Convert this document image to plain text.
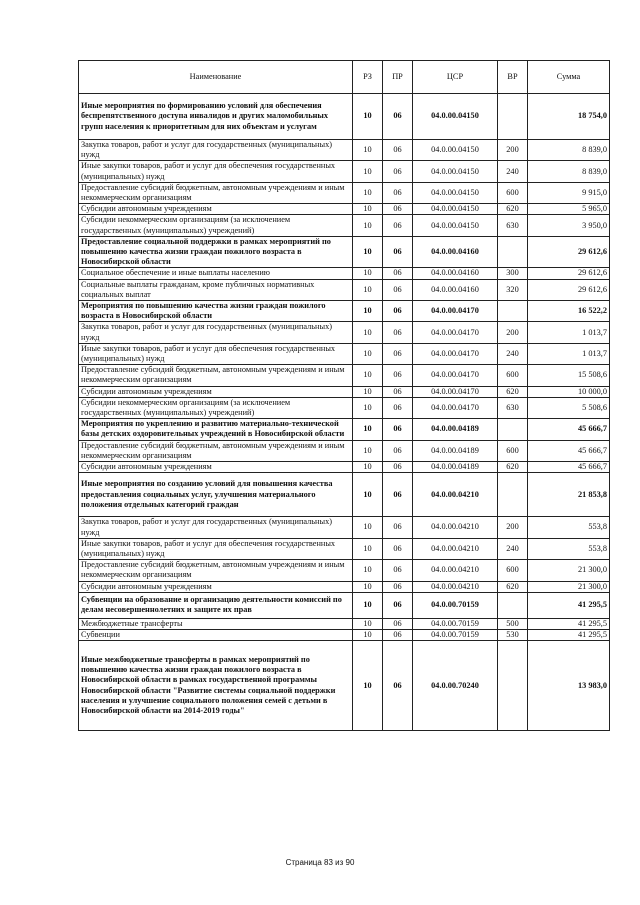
Наименование	РЗ	ПР	ЦСР	ВР	Сумма
Иные мероприятия по формированию условий для обеспечения беспрепятственного доступа инвалидов и других маломобильных групп населения к приоритетным для них объектам и услугам	10	06	04.0.00.04150		18 754,0
Закупка товаров, работ и услуг для государственных (муниципальных) нужд	10	06	04.0.00.04150	200	8 839,0
Иные закупки товаров, работ и услуг для обеспечения государственных (муниципальных) нужд	10	06	04.0.00.04150	240	8 839,0
Предоставление субсидий бюджетным, автономным учреждениям и иным некоммерческим организациям	10	06	04.0.00.04150	600	9 915,0
Субсидии автономным учреждениям	10	06	04.0.00.04150	620	5 965,0
Субсидии некоммерческим организациям (за исключением государственных (муниципальных) учреждений)	10	06	04.0.00.04150	630	3 950,0
Предоставление социальной поддержки в рамках мероприятий по повышению качества жизни граждан пожилого возраста в Новосибирской области	10	06	04.0.00.04160		29 612,6
Социальное обеспечение и иные выплаты населению	10	06	04.0.00.04160	300	29 612,6
Социальные выплаты гражданам, кроме публичных нормативных социальных выплат	10	06	04.0.00.04160	320	29 612,6
Мероприятия по повышению качества жизни граждан пожилого возраста в Новосибирской области	10	06	04.0.00.04170		16 522,2
Закупка товаров, работ и услуг для государственных (муниципальных) нужд	10	06	04.0.00.04170	200	1 013,7
Иные закупки товаров, работ и услуг для обеспечения государственных (муниципальных) нужд	10	06	04.0.00.04170	240	1 013,7
Предоставление субсидий бюджетным, автономным учреждениям и иным некоммерческим организациям	10	06	04.0.00.04170	600	15 508,6
Субсидии автономным учреждениям	10	06	04.0.00.04170	620	10 000,0
Субсидии некоммерческим организациям (за исключением государственных (муниципальных) учреждений)	10	06	04.0.00.04170	630	5 508,6
Мероприятия по укреплению и развитию материально-технической базы детских оздоровительных учреждений в Новосибирской области	10	06	04.0.00.04189		45 666,7
Предоставление субсидий бюджетным, автономным учреждениям и иным некоммерческим организациям	10	06	04.0.00.04189	600	45 666,7
Субсидии автономным учреждениям	10	06	04.0.00.04189	620	45 666,7
Иные мероприятия по созданию условий для повышения качества предоставления социальных услуг, улучшения материального положения отдельных категорий граждан	10	06	04.0.00.04210		21 853,8
Закупка товаров, работ и услуг для государственных (муниципальных) нужд	10	06	04.0.00.04210	200	553,8
Иные закупки товаров, работ и услуг для обеспечения государственных (муниципальных) нужд	10	06	04.0.00.04210	240	553,8
Предоставление субсидий бюджетным, автономным учреждениям и иным некоммерческим организациям	10	06	04.0.00.04210	600	21 300,0
Субсидии автономным учреждениям	10	06	04.0.00.04210	620	21 300,0
Субвенции на образование и организацию деятельности комиссий по делам несовершеннолетних и защите их прав	10	06	04.0.00.70159		41 295,5
Межбюджетные трансферты	10	06	04.0.00.70159	500	41 295,5
Субвенции	10	06	04.0.00.70159	530	41 295,5
Иные межбюджетные трансферты в рамках мероприятий по повышению качества жизни граждан пожилого возраста в Новосибирской области в рамках государственной программы Новосибирской области "Развитие системы социальной поддержки населения и улучшение социального положения семей с детьми в Новосибирской области на 2014-2019 годы"	10	06	04.0.00.70240		13 983,0
Страница 83 из 90
